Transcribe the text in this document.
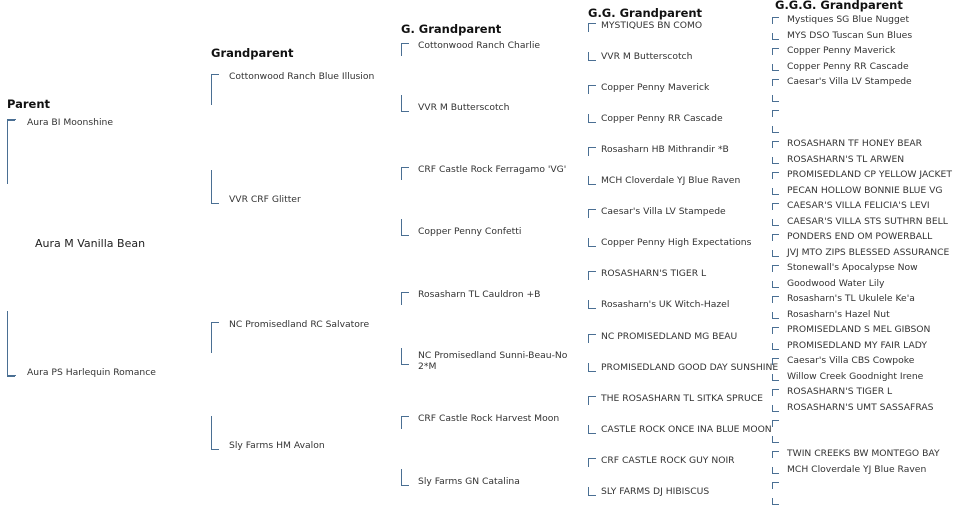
Parent
Grandparent
G. Grandparent
G.G. Grandparent
G.G.G. Grandparent
Aura M Vanilla Bean
Aura BI Moonshine
Aura PS Harlequin Romance
Cottonwood Ranch Blue Illusion
VVR CRF Glitter
NC Promisedland RC Salvatore
Sly Farms HM Avalon
Cottonwood Ranch Charlie
VVR M Butterscotch
CRF Castle Rock Ferragamo 'VG'
Copper Penny Confetti
Rosasharn TL Cauldron +B
NC Promisedland Sunni-Beau-No 2*M
CRF Castle Rock Harvest Moon
Sly Farms GN Catalina
MYSTIQUES BN COMO
VVR M Butterscotch
Copper Penny Maverick
Copper Penny RR Cascade
Rosasharn HB Mithrandir *B
MCH Cloverdale YJ Blue Raven
Caesar's Villa LV Stampede
Copper Penny High Expectations
ROSASHARN'S TIGER L
Rosasharn's UK Witch-Hazel
NC PROMISEDLAND MG BEAU
PROMISEDLAND GOOD DAY SUNSHINE
THE ROSASHARN TL SITKA SPRUCE
CASTLE ROCK ONCE INA BLUE MOON
CRF CASTLE ROCK GUY NOIR
SLY FARMS DJ HIBISCUS
Mystiques SG Blue Nugget
MYS DSO Tuscan Sun Blues
Copper Penny Maverick
Copper Penny RR Cascade
Caesar's Villa LV Stampede
ROSASHARN TF HONEY BEAR
ROSASHARN'S TL ARWEN
PROMISEDLAND CP YELLOW JACKET
PECAN HOLLOW BONNIE BLUE VG
CAESAR'S VILLA FELICIA'S LEVI
CAESAR'S VILLA STS SUTHRN BELL
PONDERS END OM POWERBALL
JVJ MTO ZIPS BLESSED ASSURANCE
Stonewall's Apocalypse Now
Goodwood Water Lily
Rosasharn's TL Ukulele Ke'a
Rosasharn's Hazel Nut
PROMISEDLAND S MEL GIBSON
PROMISEDLAND MY FAIR LADY
Caesar's Villa CBS Cowpoke
Willow Creek Goodnight Irene
ROSASHARN'S TIGER L
ROSASHARN'S UMT SASSAFRAS
TWIN CREEKS BW MONTEGO BAY
MCH Cloverdale YJ Blue Raven
